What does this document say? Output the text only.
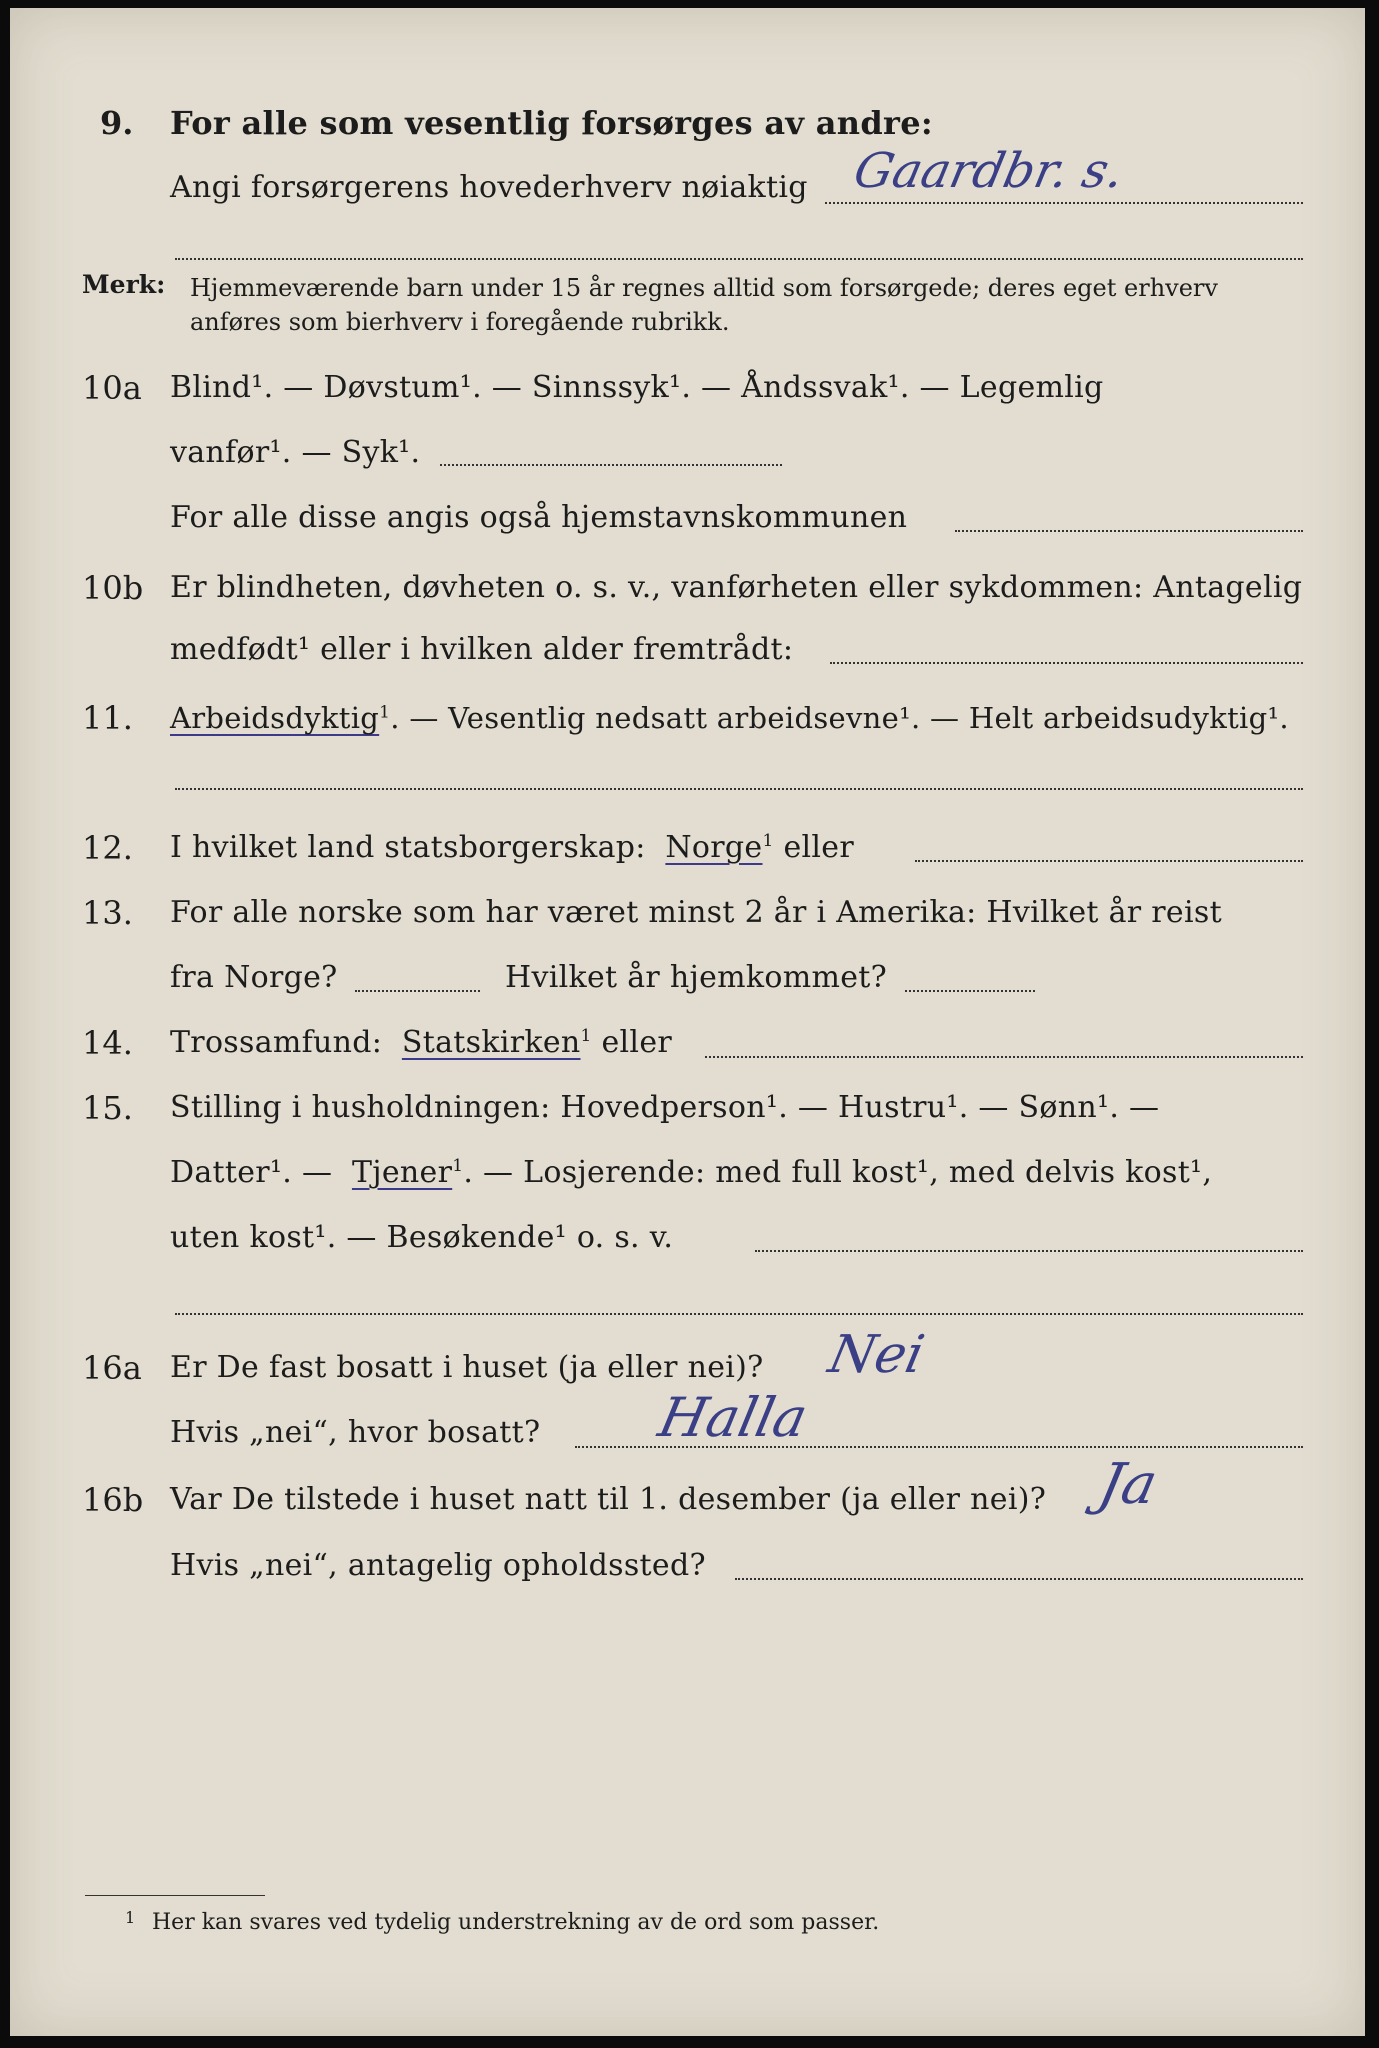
9. For alle som vesentlig forsørges av andre:
Angi forsørgerens hovederhverv nøiaktig Gaardbr. s.
Merk: Hjemmeværende barn under 15 år regnes alltid som forsørgede; deres eget erhverv
anføres som bierhverv i foregående rubrikk.
10a Blind¹. — Døvstum¹. — Sinnssyk¹. — Åndssvak¹. — Legemlig
vanfør¹. — Syk¹.
For alle disse angis også hjemstavnskommunen
10b Er blindheten, døvheten o. s. v., vanførheten eller sykdommen: Antagelig
medfødt¹ eller i hvilken alder fremtrådt:
11. Arbeidsdyktig$^1$. — Vesentlig nedsatt arbeidsevne¹. — Helt arbeidsudyktig¹.
12. I hvilket land statsborgerskap: Norge$^1$ eller
13. For alle norske som har været minst 2 år i Amerika: Hvilket år reist
fra Norge?	Hvilket år hjemkommet?
14. Trossamfund: Statskirken$^1$ eller
15. Stilling i husholdningen: Hovedperson¹. — Hustru¹. — Sønn¹. —
Datter¹. — Tjener$^1$. — Losjerende: med full kost¹, med delvis kost¹,
uten kost¹. — Besøkende¹ o. s. v.
16a Er De fast bosatt i huset (ja eller nei)? Nei
Hvis „nei“, hvor bosatt? Halla
16b Var De tilstede i huset natt til 1. desember (ja eller nei)? Ja
Hvis „nei“, antagelig opholdssted?
1 Her kan svares ved tydelig understrekning av de ord som passer.
